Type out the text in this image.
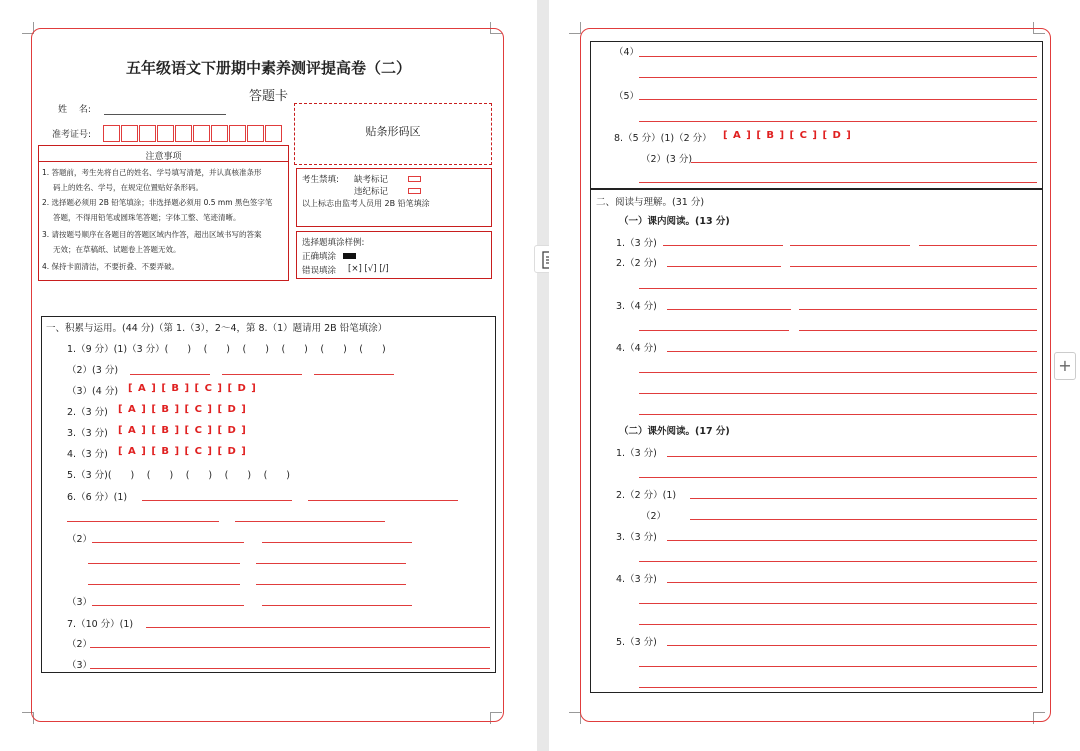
五年级语文下册期中素养测评提高卷（二）
答题卡
姓　 名:
准考证号:	贴条形码区
注意事项
1. 答题前，考生先将自己的姓名、学号填写清楚，并认真核准条形
码上的姓名、学号，在规定位置贴好条形码。
2. 选择题必须用 2B 铅笔填涂；非选择题必须用 0.5 mm 黑色签字笔
答题，不得用铅笔或圆珠笔答题；字体工整、笔迹清晰。
3. 请按题号顺序在各题目的答题区域内作答，超出区域书写的答案
无效；在草稿纸、试题卷上答题无效。
4. 保持卡面清洁，不要折叠、不要弄破。
考生禁填: 缺考标记
违纪标记
以上标志由监考人员用 2B 铅笔填涂
选择题填涂样例:
正确填涂
错误填涂 [×] [√] [/]
一、积累与运用。(44 分)（第 1.（3），2～4，第 8.（1）题请用 2B 铅笔填涂）
1.（9 分）(1)（3 分）(　　)　 (　　)　 (　　)　 (　　)　 (　　)　 (　　)
（2）(3 分)
（3）(4 分) [ A ] [ B ] [ C ] [ D ]
2.（3 分) [ A ] [ B ] [ C ] [ D ]
3.（3 分) [ A ] [ B ] [ C ] [ D ]
4.（3 分) [ A ] [ B ] [ C ] [ D ]
5.（3 分)(　　)　 (　　)　 (　　)　 (　　)　 (　　)
6.（6 分）(1)
（2）
（3）
7.（10 分）(1)
（2）
（3）
（4）
（5）
8.（5 分）(1)（2 分） [ A ] [ B ] [ C ] [ D ]
（2）(3 分)
二、阅读与理解。(31 分)
（一）课内阅读。(13 分)
1.（3 分)
2.（2 分)
3.（4 分)
4.（4 分)
（二）课外阅读。(17 分)
1.（3 分)
2.（2 分）(1)
（2）
3.（3 分)
4.（3 分)
5.（3 分)
+
